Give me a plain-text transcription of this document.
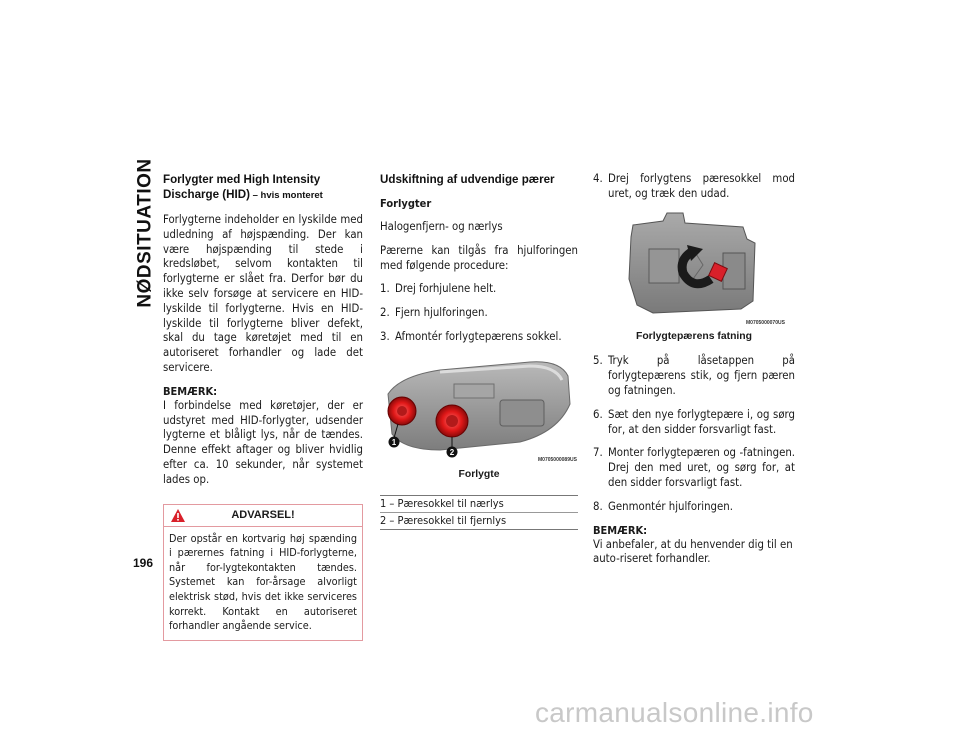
NØDSITUATION
196
Forlygter med High Intensity Discharge (HID) – hvis monteret

Forlygterne indeholder en lyskilde med udledning af højspænding. Der kan være højspænding til stede i kredsløbet, selvom kontakten til forlygterne er slået fra. Derfor bør du ikke selv forsøge at servicere en HID-lyskilde til forlygterne. Hvis en HID-lyskilde til forlygterne bliver defekt, skal du tage køretøjet med til en autoriseret forhandler og lade det servicere.

BEMÆRK:

I forbindelse med køretøjer, der er udstyret med HID-forlygter, udsender lygterne et blåligt lys, når de tændes. Denne effekt aftager og bliver hvidlig efter ca. 10 sekunder, når systemet lades op.

ADVARSEL!
Der opstår en kortvarig høj spænding i pærernes fatning i HID-forlygterne, når for-lygtekontakten tændes. Systemet kan for-årsage alvorligt elektrisk stød, hvis det ikke serviceres korrekt. Kontakt en autoriseret forhandler angående service.
Udskiftning af udvendige pærer
Forlygter

Halogenfjern- og nærlys

Pærerne kan tilgås fra hjulforingen med følgende procedure:

1. Drej forhjulene helt.
2. Fjern hjulforingen.
3. Afmontér forlygtepærens sokkel.
1
2
M0705000089US
Forlygte
1 – Pæresokkel til nærlys
2 – Pæresokkel til fjernlys
4. Drej forlygtens pæresokkel mod uret, og træk den udad.
M0705000070US
Forlygtepærens fatning
5. Tryk på låsetappen på forlygtepærens stik, og fjern pæren og fatningen.
6. Sæt den nye forlygtepære i, og sørg for, at den sidder forsvarligt fast.
7. Monter forlygtepæren og -fatningen. Drej den med uret, og sørg for, at den sidder forsvarligt fast.
8. Genmontér hjulforingen.
BEMÆRK:

Vi anbefaler, at du henvender dig til en auto-riseret forhandler.

carmanualsonline.info
